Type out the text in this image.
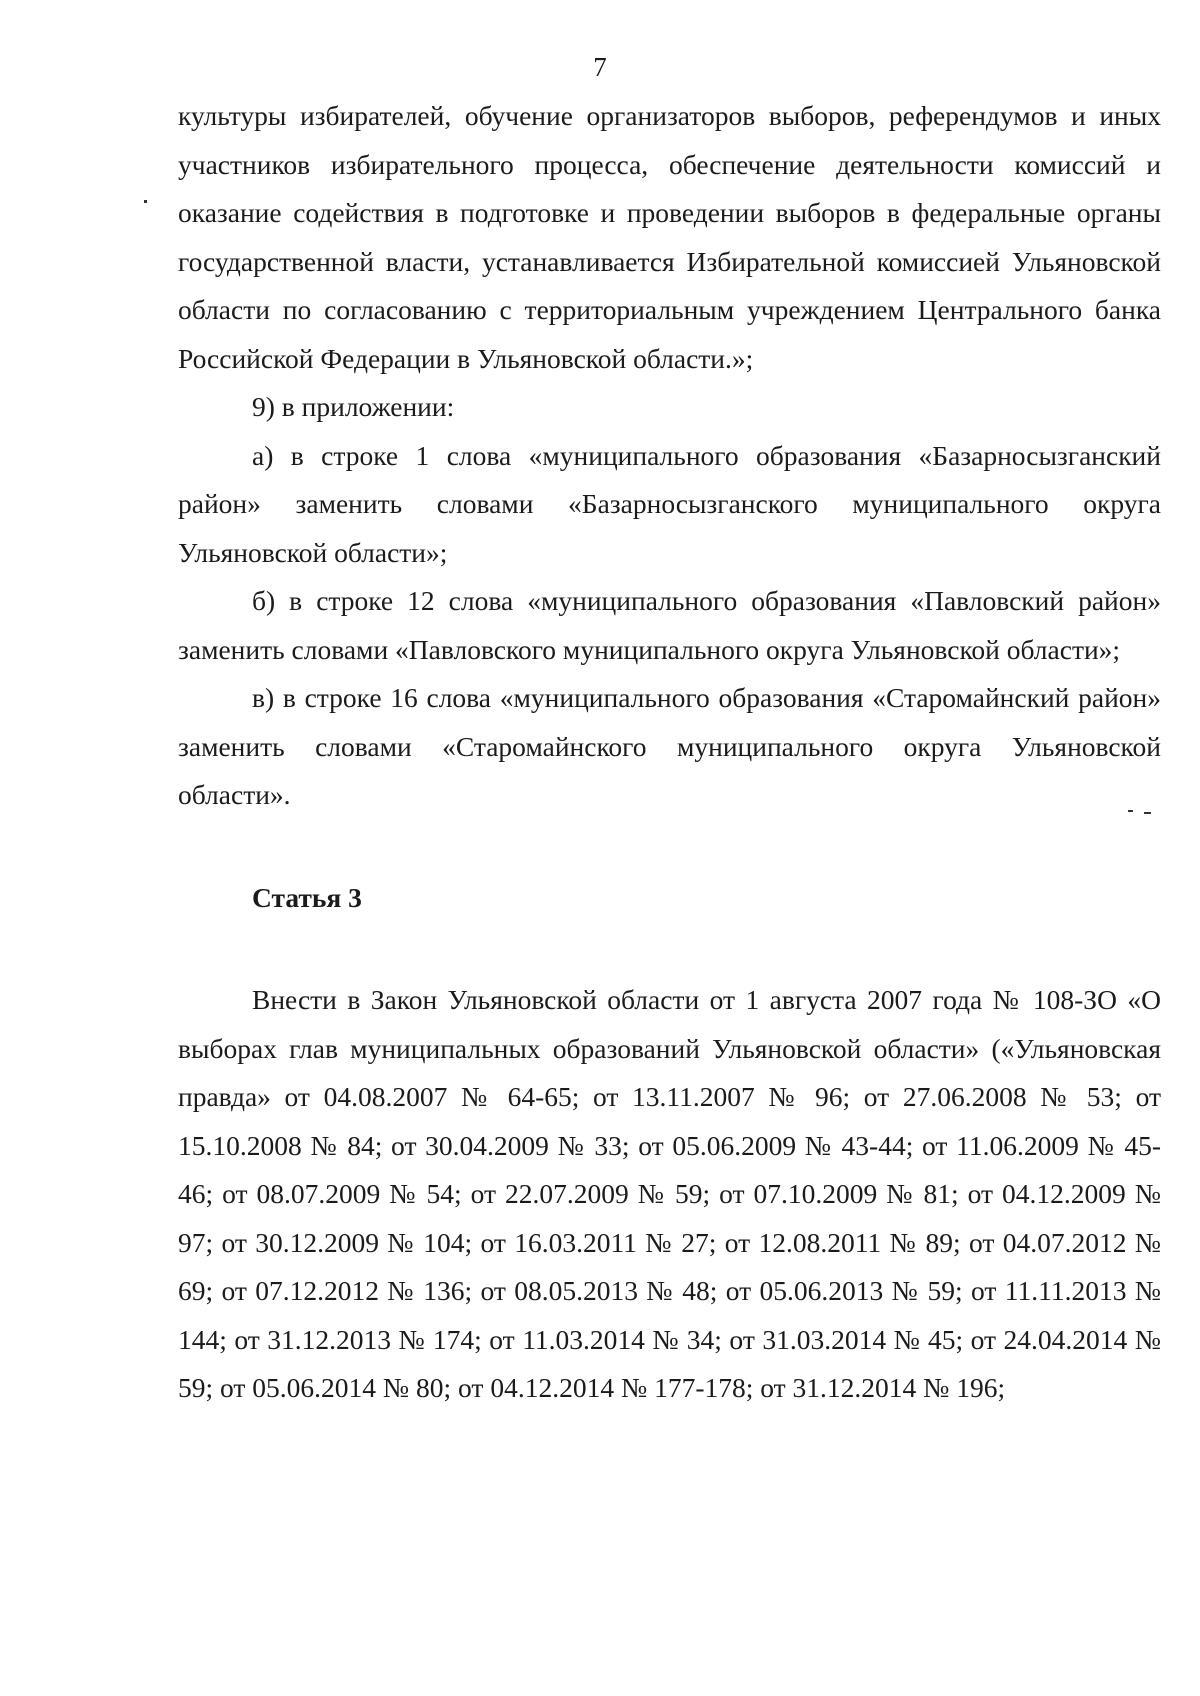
7

культуры избирателей, обучение организаторов выборов, референдумов и иных участников избирательного процесса, обеспечение деятельности комиссий и оказание содействия в подготовке и проведении выборов в федеральные органы государственной власти, устанавливается Избирательной комиссией Ульяновской области по согласованию с территориальным учреждением Центрального банка Российской Федерации в Ульяновской области.»;

9) в приложении:

а) в строке 1 слова «муниципального образования «Базарносызганский район» заменить словами «Базарносызганского муниципального округа Ульяновской области»;

б) в строке 12 слова «муниципального образования «Павловский район» заменить словами «Павловского муниципального округа Ульяновской области»;

в) в строке 16 слова «муниципального образования «Старомайнский район» заменить словами «Старомайнского муниципального округа Ульяновской области».

Статья 3

Внести в Закон Ульяновской области от 1 августа 2007 года № 108-ЗО «О выборах глав муниципальных образований Ульяновской области» («Ульяновская правда» от 04.08.2007 № 64-65; от 13.11.2007 № 96; от 27.06.2008 № 53; от 15.10.2008 № 84; от 30.04.2009 № 33; от 05.06.2009 № 43-44; от 11.06.2009 № 45-46; от 08.07.2009 № 54; от 22.07.2009 № 59; от 07.10.2009 № 81; от 04.12.2009 № 97; от 30.12.2009 № 104; от 16.03.2011 № 27; от 12.08.2011 № 89; от 04.07.2012 № 69; от 07.12.2012 № 136; от 08.05.2013 № 48; от 05.06.2013 № 59; от 11.11.2013 № 144; от 31.12.2013 № 174; от 11.03.2014 № 34; от 31.03.2014 № 45; от 24.04.2014 № 59; от 05.06.2014 № 80; от 04.12.2014 № 177-178; от 31.12.2014 № 196;
